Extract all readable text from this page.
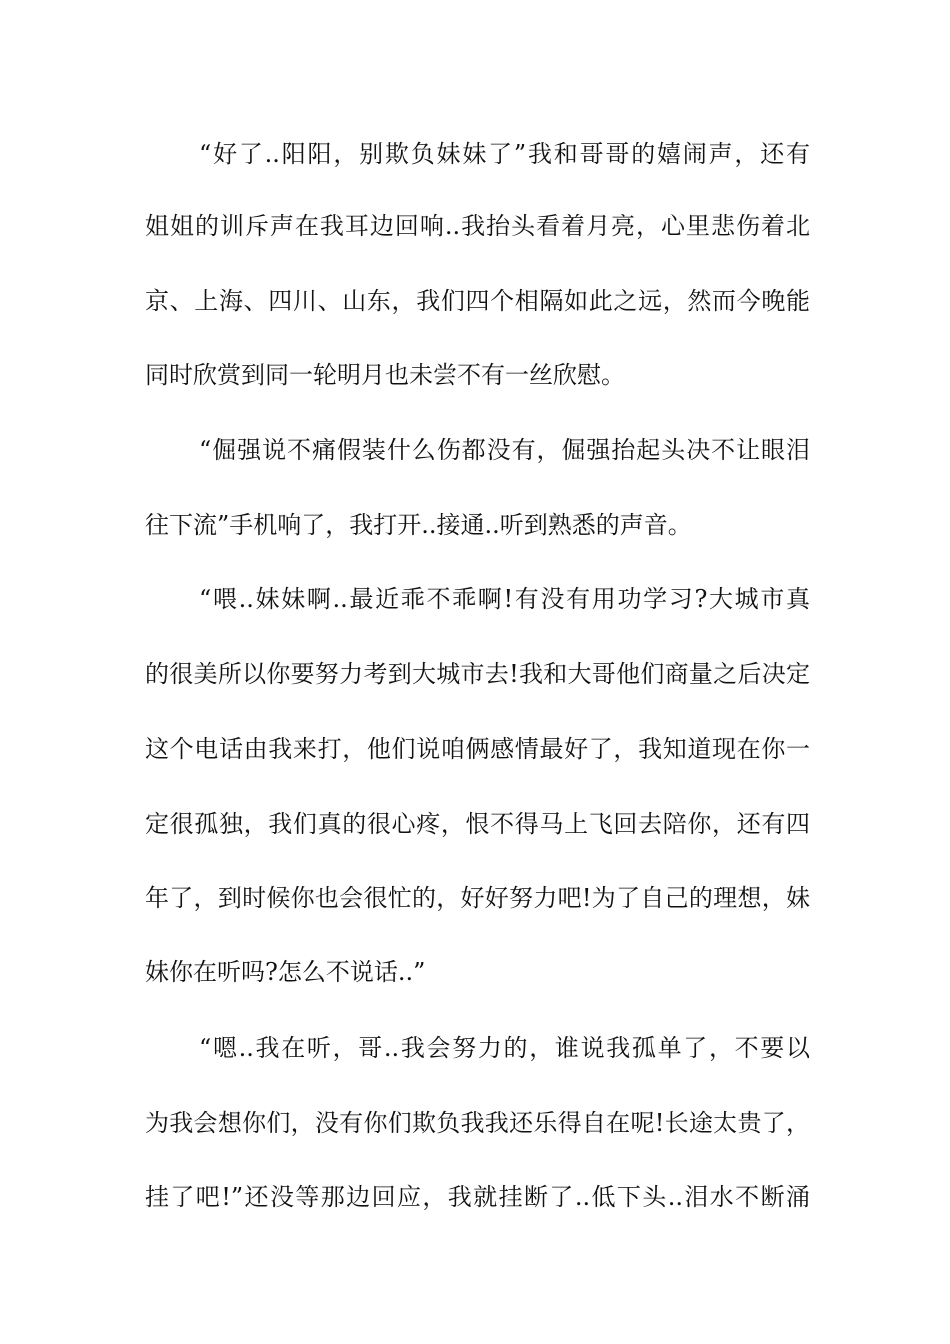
“好了..阳阳，别欺负妹妹了”我和哥哥的嬉闹声，还有
姐姐的训斥声在我耳边回响..我抬头看着月亮，心里悲伤着北
京、上海、四川、山东，我们四个相隔如此之远，然而今晚能
同时欣赏到同一轮明月也未尝不有一丝欣慰。
“倔强说不痛假装什么伤都没有，倔强抬起头决不让眼泪
往下流”手机响了，我打开..接通..听到熟悉的声音。
“喂..妹妹啊..最近乖不乖啊!有没有用功学习?大城市真
的很美所以你要努力考到大城市去!我和大哥他们商量之后决定
这个电话由我来打，他们说咱俩感情最好了，我知道现在你一
定很孤独，我们真的很心疼，恨不得马上飞回去陪你，还有四
年了，到时候你也会很忙的，好好努力吧!为了自己的理想，妹
妹你在听吗?怎么不说话..”
“嗯..我在听，哥..我会努力的，谁说我孤单了，不要以
为我会想你们，没有你们欺负我我还乐得自在呢!长途太贵了，
挂了吧!”还没等那边回应，我就挂断了..低下头..泪水不断涌
